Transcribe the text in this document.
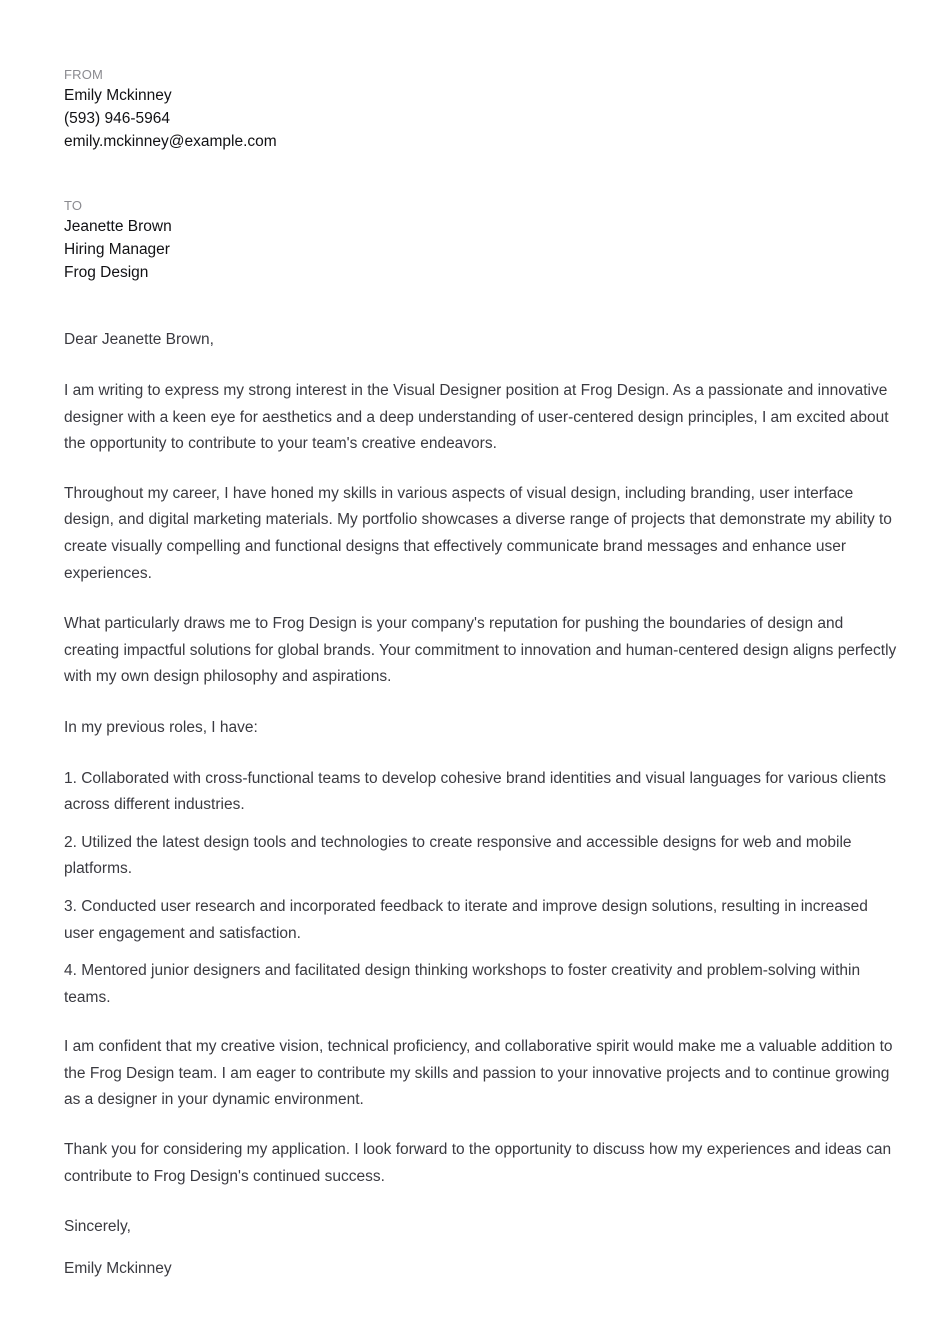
FROM

Emily Mckinney

(593) 946-5964

emily.mckinney@example.com

TO

Jeanette Brown

Hiring Manager

Frog Design

Dear Jeanette Brown,

I am writing to express my strong interest in the Visual Designer position at Frog Design. As a passionate and innovative designer with a keen eye for aesthetics and a deep understanding of user-centered design principles, I am excited about the opportunity to contribute to your team's creative endeavors.

Throughout my career, I have honed my skills in various aspects of visual design, including branding, user interface design, and digital marketing materials. My portfolio showcases a diverse range of projects that demonstrate my ability to create visually compelling and functional designs that effectively communicate brand messages and enhance user experiences.

What particularly draws me to Frog Design is your company's reputation for pushing the boundaries of design and creating impactful solutions for global brands. Your commitment to innovation and human-centered design aligns perfectly with my own design philosophy and aspirations.

In my previous roles, I have:

1. Collaborated with cross-functional teams to develop cohesive brand identities and visual languages for various clients across different industries.

2. Utilized the latest design tools and technologies to create responsive and accessible designs for web and mobile platforms.

3. Conducted user research and incorporated feedback to iterate and improve design solutions, resulting in increased user engagement and satisfaction.

4. Mentored junior designers and facilitated design thinking workshops to foster creativity and problem-solving within teams.

I am confident that my creative vision, technical proficiency, and collaborative spirit would make me a valuable addition to the Frog Design team. I am eager to contribute my skills and passion to your innovative projects and to continue growing as a designer in your dynamic environment.

Thank you for considering my application. I look forward to the opportunity to discuss how my experiences and ideas can contribute to Frog Design's continued success.

Sincerely,

Emily Mckinney
